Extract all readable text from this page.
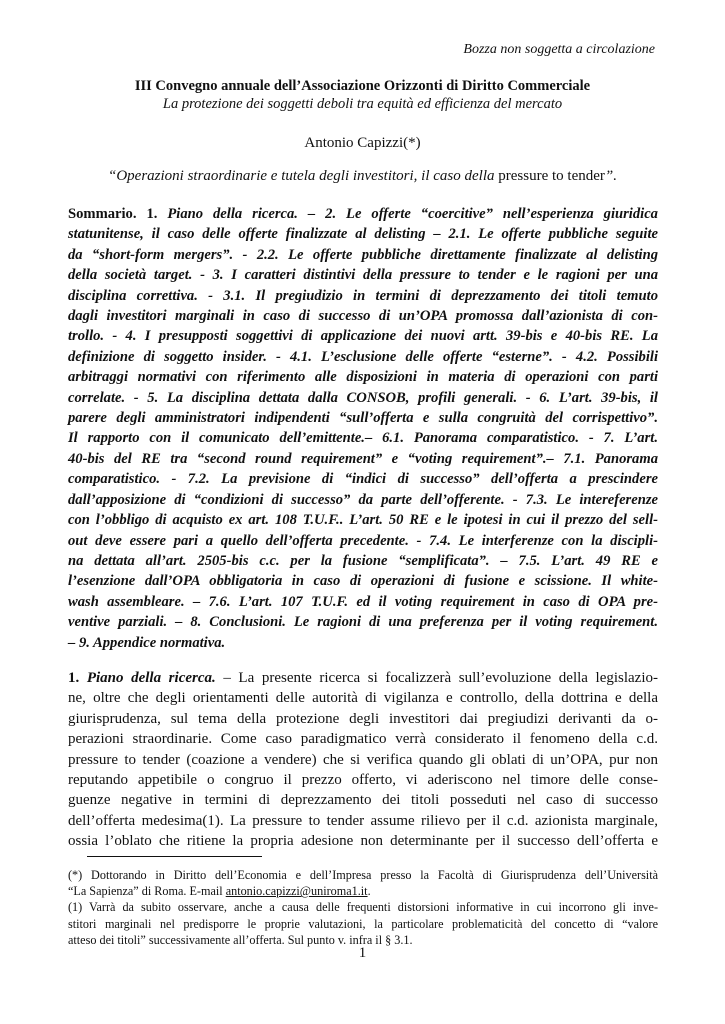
Bozza non soggetta a circolazione
III Convegno annuale dell’Associazione Orizzonti di Diritto Commerciale
La protezione dei soggetti deboli tra equità ed efficienza del mercato
Antonio Capizzi(*)
“Operazioni straordinarie e tutela degli investitori, il caso della pressure to tender”.
Sommario. 1. Piano della ricerca. – 2. Le offerte “coercitive” nell’esperienza giuridica
statunitense, il caso delle offerte finalizzate al delisting – 2.1. Le offerte pubbliche seguite
da “short-form mergers”. - 2.2. Le offerte pubbliche direttamente finalizzate al delisting
della società target. - 3. I caratteri distintivi della pressure to tender e le ragioni per una
disciplina correttiva. - 3.1. Il pregiudizio in termini di deprezzamento dei titoli temuto
dagli investitori marginali in caso di successo di un’OPA promossa dall’azionista di con-
trollo. - 4. I presupposti soggettivi di applicazione dei nuovi artt. 39-bis e 40-bis RE. La
definizione di soggetto insider. - 4.1. L’esclusione delle offerte “esterne”. - 4.2. Possibili
arbitraggi normativi con riferimento alle disposizioni in materia di operazioni con parti
correlate. - 5. La disciplina dettata dalla CONSOB, profili generali. - 6. L’art. 39-bis, il
parere degli amministratori indipendenti “sull’offerta e sulla congruità del corrispettivo”.
Il rapporto con il comunicato dell’emittente.– 6.1. Panorama comparatistico. - 7. L’art.
40-bis del RE tra “second round requirement” e “voting requirement”.– 7.1. Panorama
comparatistico. - 7.2. La previsione di “indici di successo” dell’offerta a prescindere
dall’apposizione di “condizioni di successo” da parte dell’offerente. - 7.3. Le intereferenze
con l’obbligo di acquisto ex art. 108 T.U.F.. L’art. 50 RE e le ipotesi in cui il prezzo del sell-
out deve essere pari a quello dell’offerta precedente. - 7.4. Le interferenze con la discipli-
na dettata all’art. 2505-bis c.c. per la fusione “semplificata”. – 7.5. L’art. 49 RE e
l’esenzione dall’OPA obbligatoria in caso di operazioni di fusione e scissione. Il white-
wash assembleare. – 7.6. L’art. 107 T.U.F. ed il voting requirement in caso di OPA pre-
ventive parziali. – 8. Conclusioni. Le ragioni di una preferenza per il voting requirement.
– 9. Appendice normativa.
1. Piano della ricerca. – La presente ricerca si focalizzerà sull’evoluzione della legislazio-
ne, oltre che degli orientamenti delle autorità di vigilanza e controllo, della dottrina e della
giurisprudenza, sul tema della protezione degli investitori dai pregiudizi derivanti da o-
perazioni straordinarie. Come caso paradigmatico verrà considerato il fenomeno della c.d.
pressure to tender (coazione a vendere) che si verifica quando gli oblati di un’OPA, pur non
reputando appetibile o congruo il prezzo offerto, vi aderiscono nel timore delle conse-
guenze negative in termini di deprezzamento dei titoli posseduti nel caso di successo
dell’offerta medesima(1). La pressure to tender assume rilievo per il c.d. azionista marginale,
ossia l’oblato che ritiene la propria adesione non determinante per il successo dell’offerta e
(*) Dottorando in Diritto dell’Economia e dell’Impresa presso la Facoltà di Giurisprudenza dell’Università
“La Sapienza” di Roma. E-mail antonio.capizzi@uniroma1.it.
(1) Varrà da subito osservare, anche a causa delle frequenti distorsioni informative in cui incorrono gli inve-
stitori marginali nel predisporre le proprie valutazioni, la particolare problematicità del concetto di “valore
atteso dei titoli” successivamente all’offerta. Sul punto v. infra il § 3.1.
1
